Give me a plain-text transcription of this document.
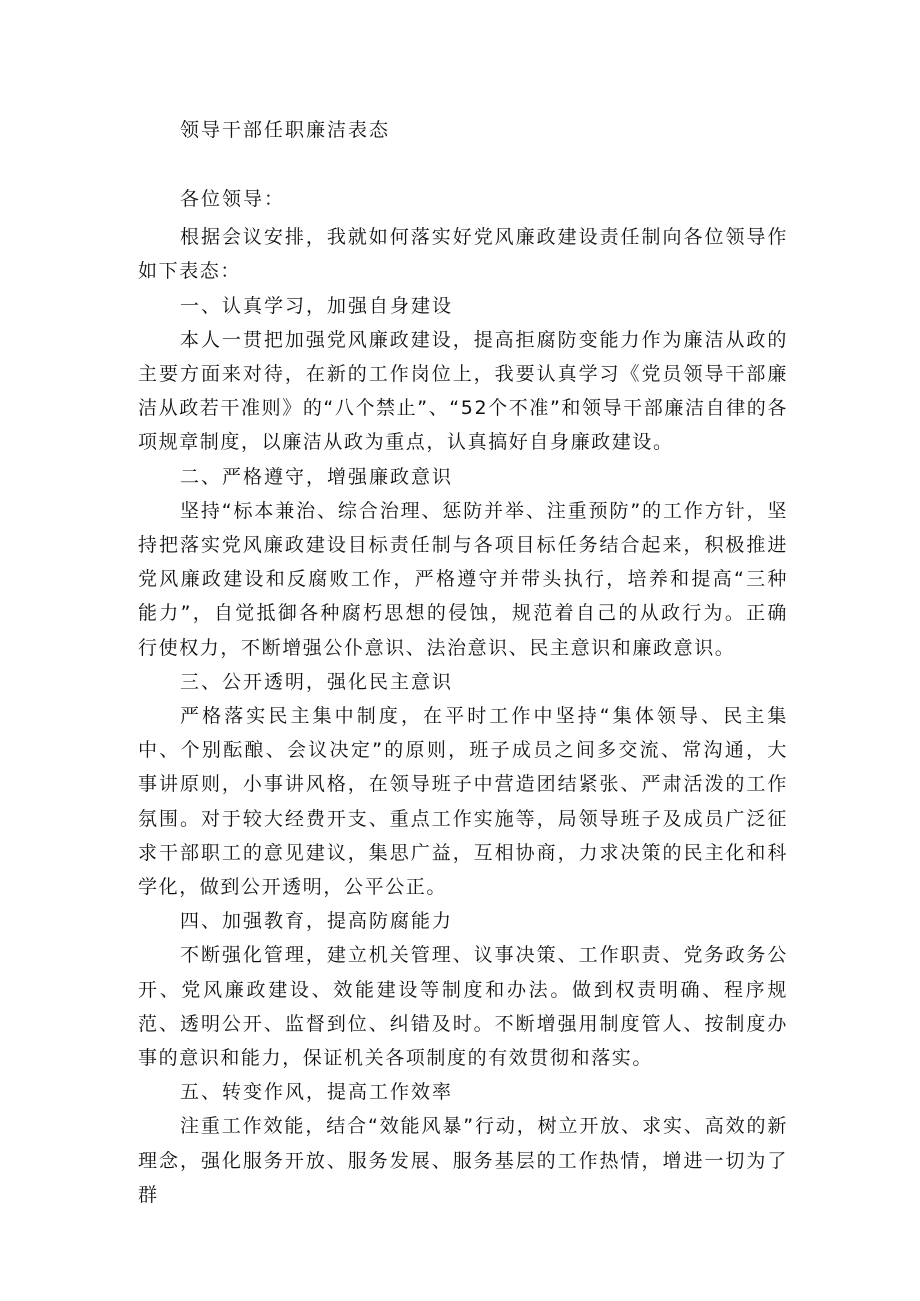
领导干部任职廉洁表态

各位领导：

根据会议安排，我就如何落实好党风廉政建设责任制向各位领导作如下表态：

一、认真学习，加强自身建设

本人一贯把加强党风廉政建设，提高拒腐防变能力作为廉洁从政的主要方面来对待，在新的工作岗位上，我要认真学习《党员领导干部廉洁从政若干准则》的“八个禁止”、“52个不准”和领导干部廉洁自律的各项规章制度，以廉洁从政为重点，认真搞好自身廉政建设。

二、严格遵守，增强廉政意识

坚持“标本兼治、综合治理、惩防并举、注重预防”的工作方针，坚持把落实党风廉政建设目标责任制与各项目标任务结合起来，积极推进党风廉政建设和反腐败工作，严格遵守并带头执行，培养和提高“三种能力”，自觉抵御各种腐朽思想的侵蚀，规范着自己的从政行为。正确行使权力，不断增强公仆意识、法治意识、民主意识和廉政意识。

三、公开透明，强化民主意识

严格落实民主集中制度，在平时工作中坚持“集体领导、民主集中、个别酝酿、会议决定”的原则，班子成员之间多交流、常沟通，大事讲原则，小事讲风格，在领导班子中营造团结紧张、严肃活泼的工作氛围。对于较大经费开支、重点工作实施等，局领导班子及成员广泛征求干部职工的意见建议，集思广益，互相协商，力求决策的民主化和科学化，做到公开透明，公平公正。

四、加强教育，提高防腐能力

不断强化管理，建立机关管理、议事决策、工作职责、党务政务公开、党风廉政建设、效能建设等制度和办法。做到权责明确、程序规范、透明公开、监督到位、纠错及时。不断增强用制度管人、按制度办事的意识和能力，保证机关各项制度的有效贯彻和落实。

五、转变作风，提高工作效率

注重工作效能，结合“效能风暴”行动，树立开放、求实、高效的新理念，强化服务开放、服务发展、服务基层的工作热情，增进一切为了群
